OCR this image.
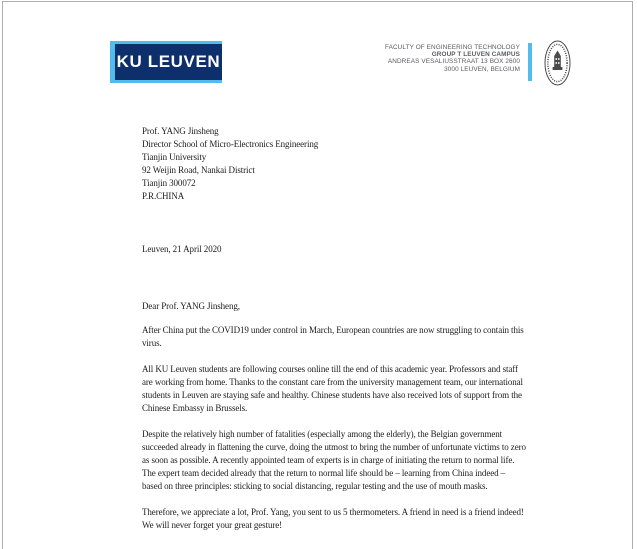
KU LEUVEN
FACULTY OF ENGINEERING TECHNOLOGY
GROUP T LEUVEN CAMPUS
ANDREAS VESALIUSSTRAAT 13 BOX 2600
3000 LEUVEN, BELGIUM
Prof. YANG Jinsheng
Director School of Micro-Electronics Engineering
Tianjin University
92 Weijin Road, Nankai District
Tianjin 300072
P.R.CHINA
Leuven, 21 April 2020
Dear Prof. YANG Jinsheng,

After China put the COVID19 under control in March, European countries are now struggling to contain this virus.

All KU Leuven students are following courses online till the end of this academic year. Professors and staff are working from home. Thanks to the constant care from the university management team, our international students in Leuven are staying safe and healthy. Chinese students have also received lots of support from the Chinese Embassy in Brussels.

Despite the relatively high number of fatalities (especially among the elderly), the Belgian government succeeded already in flattening the curve, doing the utmost to bring the number of unfortunate victims to zero as soon as possible. A recently appointed team of experts is in charge of initiating the return to normal life. The expert team decided already that the return to normal life should be – learning from China indeed – based on three principles: sticking to social distancing, regular testing and the use of mouth masks.

Therefore, we appreciate a lot, Prof. Yang, you sent to us 5 thermometers. A friend in need is a friend indeed! We will never forget your great gesture!
